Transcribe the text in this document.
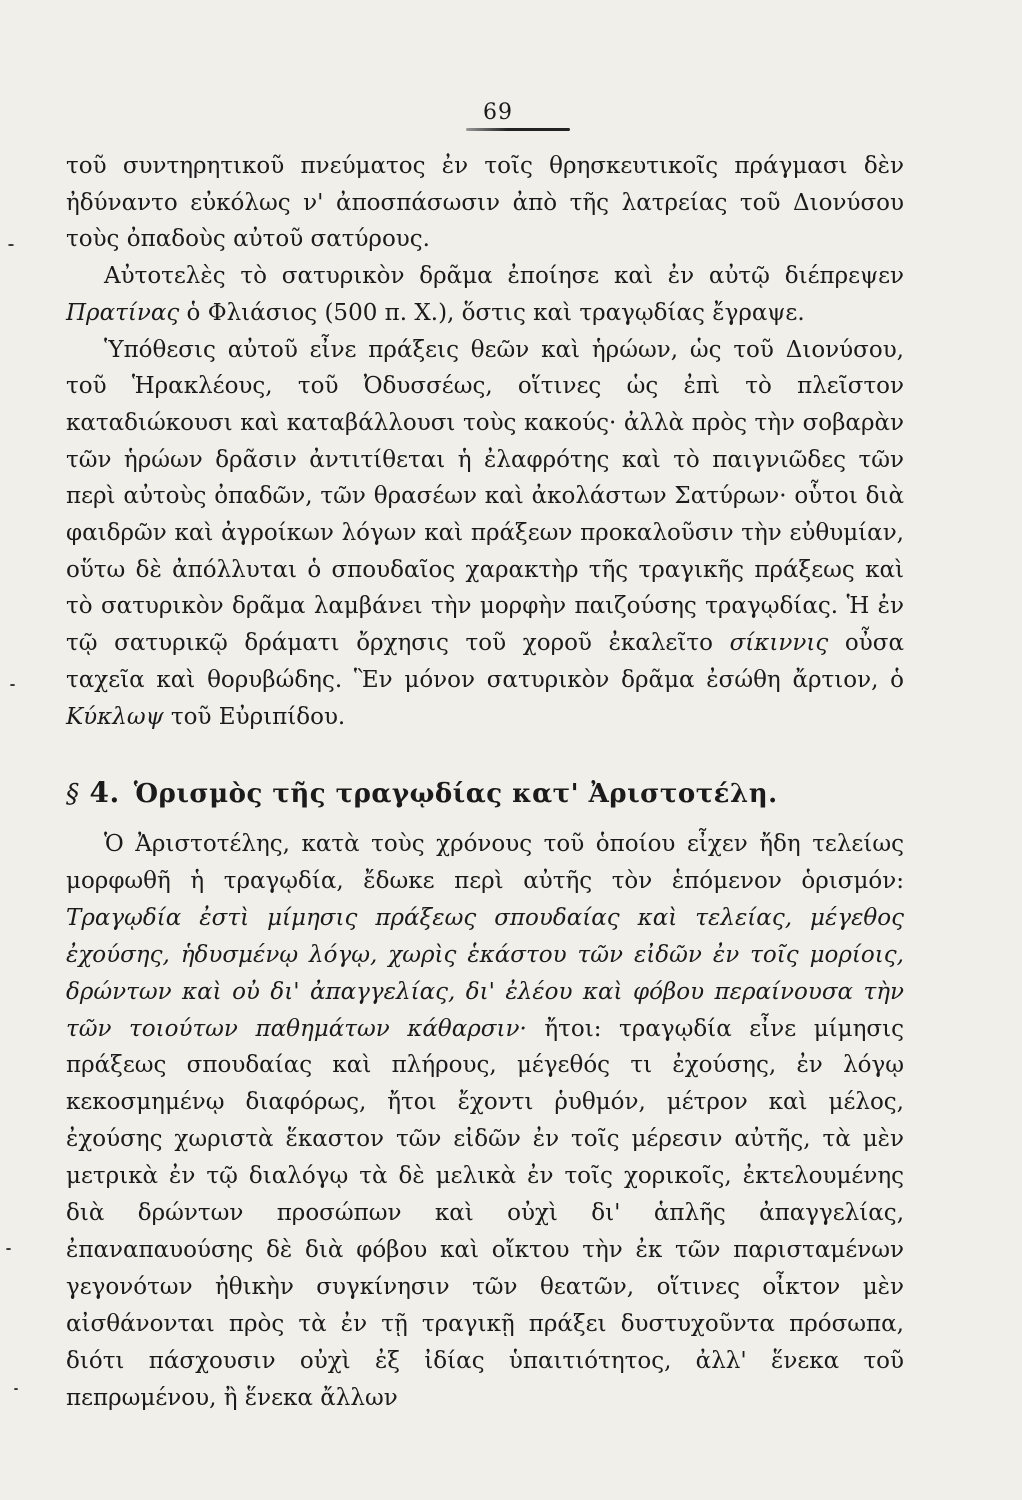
69

τοῦ συντηρητικοῦ πνεύματος ἐν τοῖς θρησκευτικοῖς πράγμασι δὲν ἠδύναντο εὐκόλως ν' ἀποσπάσωσιν ἀπὸ τῆς λατρείας τοῦ Διονύσου τοὺς ὀπαδοὺς αὐτοῦ σατύρους.

Αὐτοτελὲς τὸ σατυρικὸν δρᾶμα ἐποίησε καὶ ἐν αὐτῷ διέπρεψεν Πρατίνας ὁ Φλιάσιος (500 π. Χ.), ὅστις καὶ τραγῳδίας ἔγραψε.

Ὑπόθεσις αὐτοῦ εἶνε πράξεις θεῶν καὶ ἡρώων, ὡς τοῦ Διονύσου, τοῦ Ἡρακλέους, τοῦ Ὀδυσσέως, οἵτινες ὡς ἐπὶ τὸ πλεῖστον καταδιώκουσι καὶ καταβάλλουσι τοὺς κακούς· ἀλλὰ πρὸς τὴν σοβαρὰν τῶν ἡρώων δρᾶσιν ἀντιτίθεται ἡ ἐλαφρότης καὶ τὸ παιγνιῶδες τῶν περὶ αὐτοὺς ὀπαδῶν, τῶν θρασέων καὶ ἀκολάστων Σατύρων· οὗτοι διὰ φαιδρῶν καὶ ἀγροίκων λόγων καὶ πράξεων προκαλοῦσιν τὴν εὐθυμίαν, οὕτω δὲ ἀπόλλυται ὁ σπουδαῖος χαρακτὴρ τῆς τραγικῆς πράξεως καὶ τὸ σατυρικὸν δρᾶμα λαμβάνει τὴν μορφὴν παιζούσης τραγῳδίας. Ἡ ἐν τῷ σατυρικῷ δράματι ὄρχησις τοῦ χοροῦ ἐκαλεῖτο σίκιννις οὖσα ταχεῖα καὶ θορυβώδης. Ἓν μόνον σατυρικὸν δρᾶμα ἐσώθη ἄρτιον, ὁ Κύκλωψ τοῦ Εὐριπίδου.

§ 4. Ὁρισμὸς τῆς τραγῳδίας κατ' Ἀριστοτέλη.

Ὁ Ἀριστοτέλης, κατὰ τοὺς χρόνους τοῦ ὁποίου εἶχεν ἤδη τελείως μορφωθῆ ἡ τραγῳδία, ἔδωκε περὶ αὐτῆς τὸν ἑπόμενον ὁρισμόν: Τραγῳδία ἐστὶ μίμησις πράξεως σπουδαίας καὶ τελείας, μέγεθος ἐχούσης, ἡδυσμένῳ λόγῳ, χωρὶς ἑκάστου τῶν εἰδῶν ἐν τοῖς μορίοις, δρώντων καὶ οὐ δι' ἀπαγγελίας, δι' ἐλέου καὶ φόβου περαίνουσα τὴν τῶν τοιούτων παθημάτων κάθαρσιν· ἤτοι: τραγῳδία εἶνε μίμησις πράξεως σπουδαίας καὶ πλήρους, μέγεθός τι ἐχούσης, ἐν λόγῳ κεκοσμημένῳ διαφόρως, ἤτοι ἔχοντι ῥυθμόν, μέτρον καὶ μέλος, ἐχούσης χωριστὰ ἕκαστον τῶν εἰδῶν ἐν τοῖς μέρεσιν αὐτῆς, τὰ μὲν μετρικὰ ἐν τῷ διαλόγῳ τὰ δὲ μελικὰ ἐν τοῖς χορικοῖς, ἐκτελουμένης διὰ δρώντων προσώπων καὶ οὐχὶ δι' ἁπλῆς ἀπαγγελίας, ἐπαναπαυούσης δὲ διὰ φόβου καὶ οἴκτου τὴν ἐκ τῶν παρισταμένων γεγονότων ἠθικὴν συγκίνησιν τῶν θεατῶν, οἵτινες οἶκτον μὲν αἰσθάνονται πρὸς τὰ ἐν τῇ τραγικῇ πράξει δυστυχοῦντα πρόσωπα, διότι πάσχουσιν οὐχὶ ἐξ ἰδίας ὑπαιτιότητος, ἀλλ' ἕνεκα τοῦ πεπρωμένου, ἢ ἕνεκα ἄλλων
